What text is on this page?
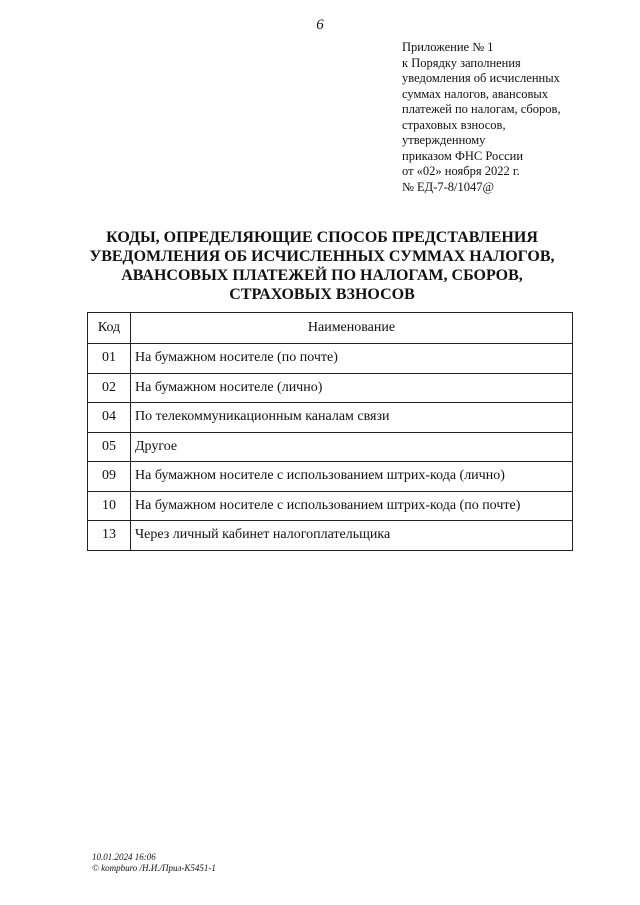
6
Приложение № 1
к Порядку заполнения
уведомления об исчисленных
суммах налогов, авансовых
платежей по налогам, сборов,
страховых взносов,
утвержденному
приказом ФНС России
от «02» ноября 2022 г.
№ ЕД-7-8/1047@
КОДЫ, ОПРЕДЕЛЯЮЩИЕ СПОСОБ ПРЕДСТАВЛЕНИЯ
УВЕДОМЛЕНИЯ ОБ ИСЧИСЛЕННЫХ СУММАХ НАЛОГОВ,
АВАНСОВЫХ ПЛАТЕЖЕЙ ПО НАЛОГАМ, СБОРОВ,
СТРАХОВЫХ ВЗНОСОВ
Код	Наименование
01	На бумажном носителе (по почте)
02	На бумажном носителе (лично)
04	По телекоммуникационным каналам связи
05	Другое
09	На бумажном носителе с использованием штрих-кода (лично)
10	На бумажном носителе с использованием штрих-кода (по почте)
13	Через личный кабинет налогоплательщика
10.01.2024 16:06
© kompburo /Н.И./Прил-К5451-1
